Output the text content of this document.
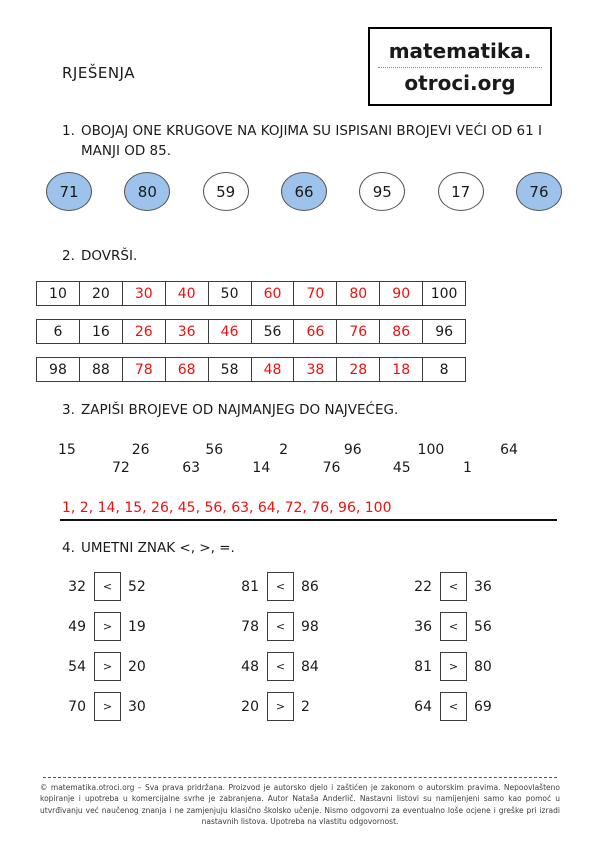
RJEŠENJA
matematika.
otroci.org
1. OBOJAJ ONE KRUGOVE NA KOJIMA SU ISPISANI BROJEVI VEĆI OD 61 I MANJI OD 85.
71	80	59	66	95	17	76
2. DOVRŠI.
10	20	30	40	50	60	70	80	90	100
6	16	26	36	46	56	66	76	86	96
98	88	78	68	58	48	38	28	18	8
3. ZAPIŠI BROJEVE OD NAJMANJEG DO NAJVEĆEG.
15	26	56	2	96	100	64
72	63	14	76	45	1
1, 2, 14, 15, 26, 45, 56, 63, 64, 72, 76, 96, 100
4. UMETNI ZNAK <, >, =.
32	<	52
49	>	19
54	>	20
70	>	30
81	<	86
78	<	98
48	<	84
20	>	2
22	<	36
36	<	56
81	>	80
64	<	69
© matematika.otroci.org – Sva prava pridržana. Proizvod je autorsko djelo i zaštićen je zakonom o autorskim pravima. Nepoovlašteno kopiranje i upotreba u komercijalne svrhe je zabranjena. Autor Nataša Anderlič. Nastavni listovi su namijenjeni samo kao pomoć u utvrđivanju već naučenog znanja i ne zamjenjuju klasično školsko učenje. Nismo odgovorni za eventualno loše ocjene i greške pri izradi nastavnih listova. Upotreba na vlastitu odgovornost.
